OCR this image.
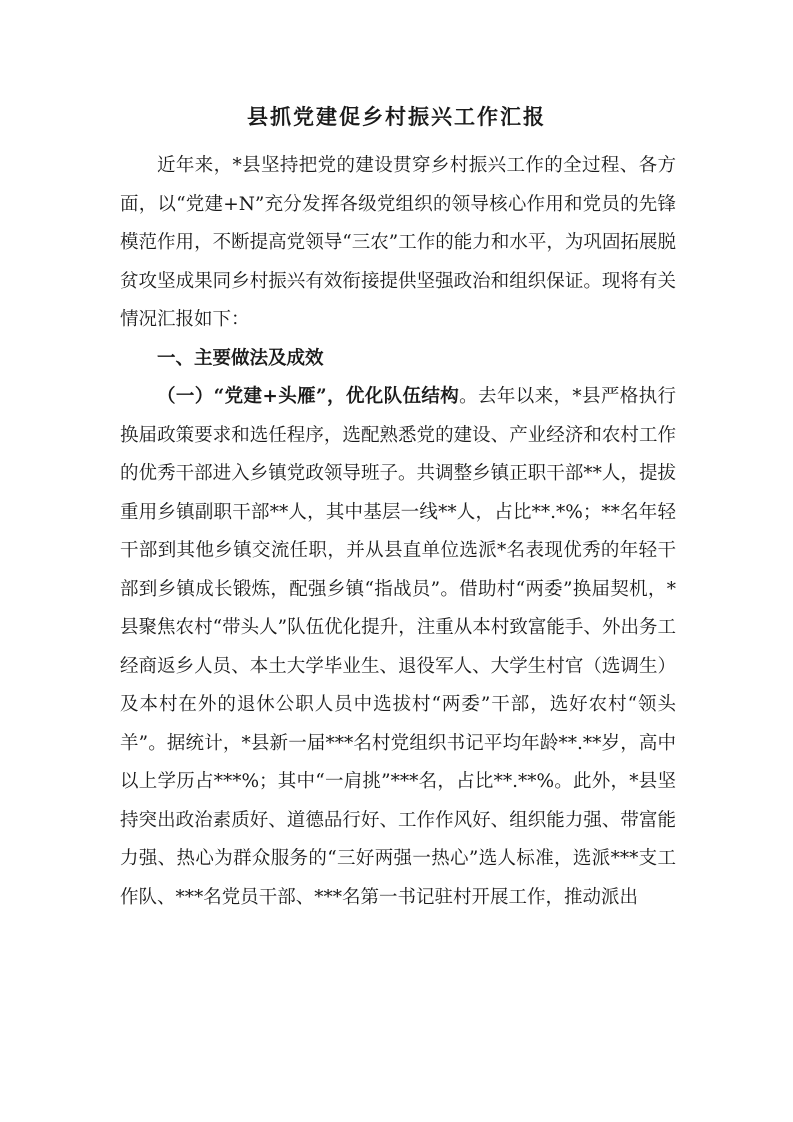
县抓党建促乡村振兴工作汇报

近年来，*县坚持把党的建设贯穿乡村振兴工作的全过程、各方面，以“党建+N”充分发挥各级党组织的领导核心作用和党员的先锋模范作用，不断提高党领导“三农”工作的能力和水平，为巩固拓展脱贫攻坚成果同乡村振兴有效衔接提供坚强政治和组织保证。现将有关情况汇报如下：

一、主要做法及成效

（一）“党建+头雁”，优化队伍结构。去年以来，*县严格执行换届政策要求和选任程序，选配熟悉党的建设、产业经济和农村工作的优秀干部进入乡镇党政领导班子。共调整乡镇正职干部**人，提拔重用乡镇副职干部**人，其中基层一线**人，占比**.*%；**名年轻干部到其他乡镇交流任职，并从县直单位选派*名表现优秀的年轻干部到乡镇成长锻炼，配强乡镇“指战员”。借助村“两委”换届契机，*县聚焦农村“带头人”队伍优化提升，注重从本村致富能手、外出务工经商返乡人员、本土大学毕业生、退役军人、大学生村官（选调生）及本村在外的退休公职人员中选拔村“两委”干部，选好农村“领头羊”。据统计，*县新一届***名村党组织书记平均年龄**.**岁，高中以上学历占***%；其中“一肩挑”***名，占比**.**%。此外，*县坚持突出政治素质好、道德品行好、工作作风好、组织能力强、带富能力强、热心为群众服务的“三好两强一热心”选人标准，选派***支工作队、***名党员干部、***名第一书记驻村开展工作，推动派出
